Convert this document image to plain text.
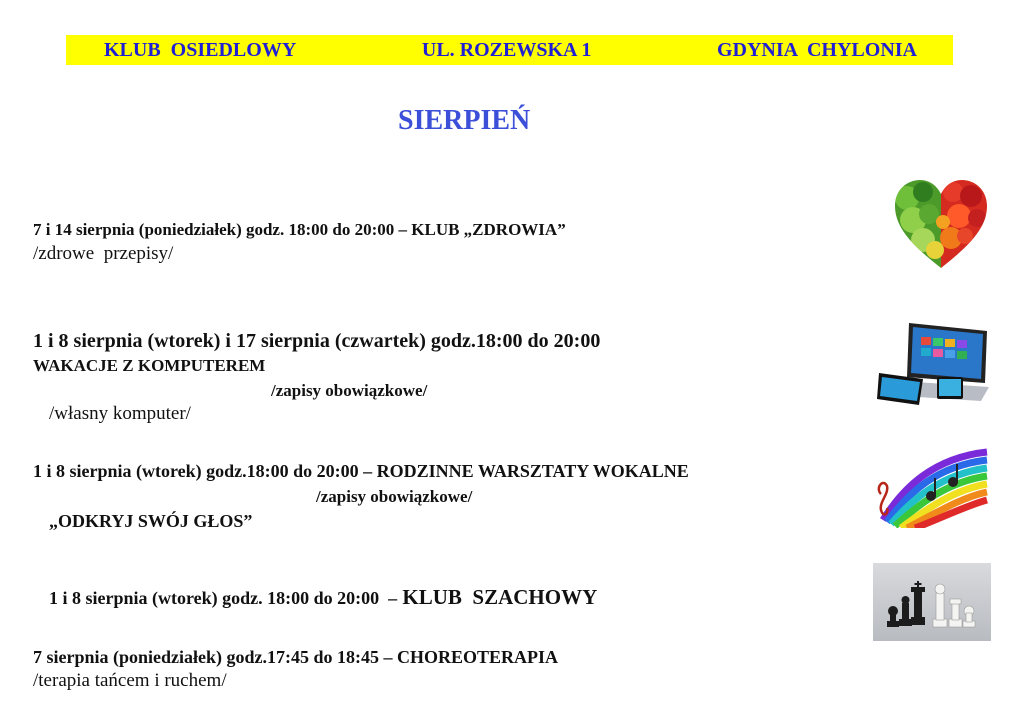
KLUB  OSIEDLOWY	UL. ROZEWSKA 1	GDYNIA  CHYLONIA
SIERPIEŃ
7 i 14 sierpnia (poniedziałek) godz. 18:00 do 20:00 – KLUB „ZDROWIA”
/zdrowe  przepisy/
1 i 8 sierpnia (wtorek) i 17 sierpnia (czwartek) godz.18:00 do 20:00
WAKACJE Z KOMPUTEREM

/własny komputer/

/zapisy obowiązkowe/

1 i 8 sierpnia (wtorek) godz.18:00 do 20:00 – RODZINNE WARSZTATY WOKALNE

„ODKRYJ SWÓJ GŁOS”

/zapisy obowiązkowe/

1 i 8 sierpnia (wtorek) godz. 18:00 do 20:00  – KLUB  SZACHOWY

7 sierpnia (poniedziałek) godz.17:45 do 18:45 – CHOREOTERAPIA
/terapia tańcem i ruchem/
